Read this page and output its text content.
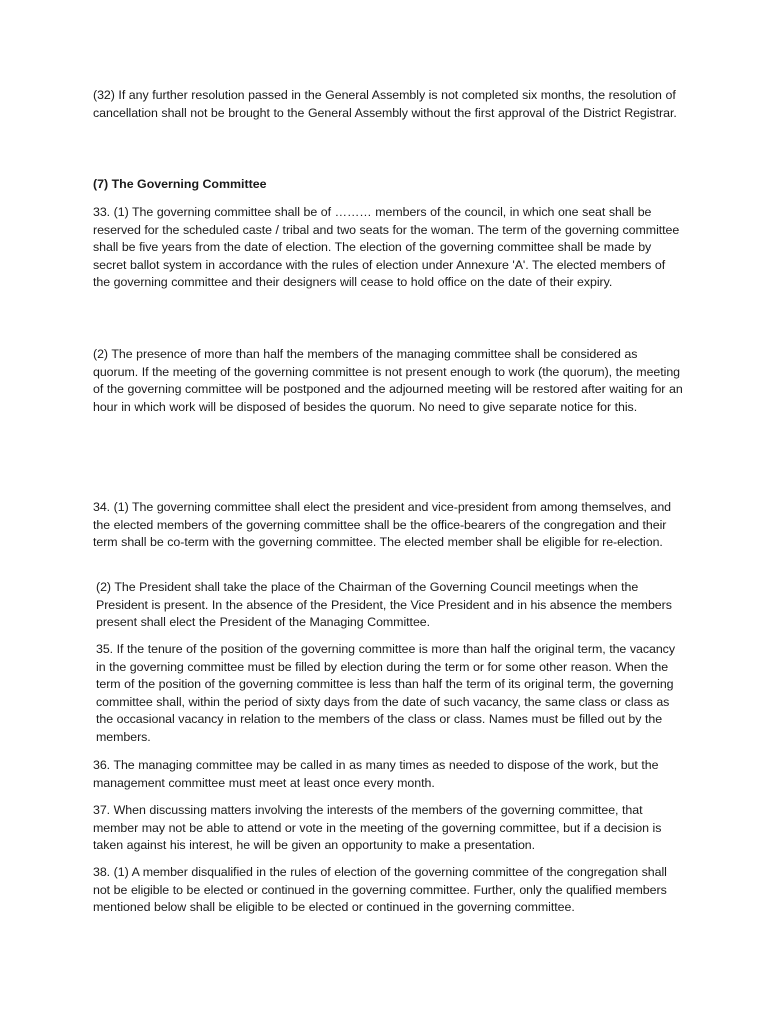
(32) If any further resolution passed in the General Assembly is not completed six months, the resolution of cancellation shall not be brought to the General Assembly without the first approval of the District Registrar.

(7) The Governing Committee

33. (1) The governing committee shall be of ……… members of the council, in which one seat shall be reserved for the scheduled caste / tribal and two seats for the woman. The term of the governing committee shall be five years from the date of election. The election of the governing committee shall be made by secret ballot system in accordance with the rules of election under Annexure 'A'. The elected members of the governing committee and their designers will cease to hold office on the date of their expiry.

(2) The presence of more than half the members of the managing committee shall be considered as quorum. If the meeting of the governing committee is not present enough to work (the quorum), the meeting of the governing committee will be postponed and the adjourned meeting will be restored after waiting for an hour in which work will be disposed of besides the quorum. No need to give separate notice for this.

34. (1) The governing committee shall elect the president and vice-president from among themselves, and the elected members of the governing committee shall be the office-bearers of the congregation and their term shall be co-term with the governing committee. The elected member shall be eligible for re-election.

(2) The President shall take the place of the Chairman of the Governing Council meetings when the President is present. In the absence of the President, the Vice President and in his absence the members present shall elect the President of the Managing Committee.

35. If the tenure of the position of the governing committee is more than half the original term, the vacancy in the governing committee must be filled by election during the term or for some other reason. When the term of the position of the governing committee is less than half the term of its original term, the governing committee shall, within the period of sixty days from the date of such vacancy, the same class or class as the occasional vacancy in relation to the members of the class or class. Names must be filled out by the members.

36. The managing committee may be called in as many times as needed to dispose of the work, but the management committee must meet at least once every month.

37. When discussing matters involving the interests of the members of the governing committee, that member may not be able to attend or vote in the meeting of the governing committee, but if a decision is taken against his interest, he will be given an opportunity to make a presentation.

38. (1) A member disqualified in the rules of election of the governing committee of the congregation shall not be eligible to be elected or continued in the governing committee. Further, only the qualified members mentioned below shall be eligible to be elected or continued in the governing committee.
